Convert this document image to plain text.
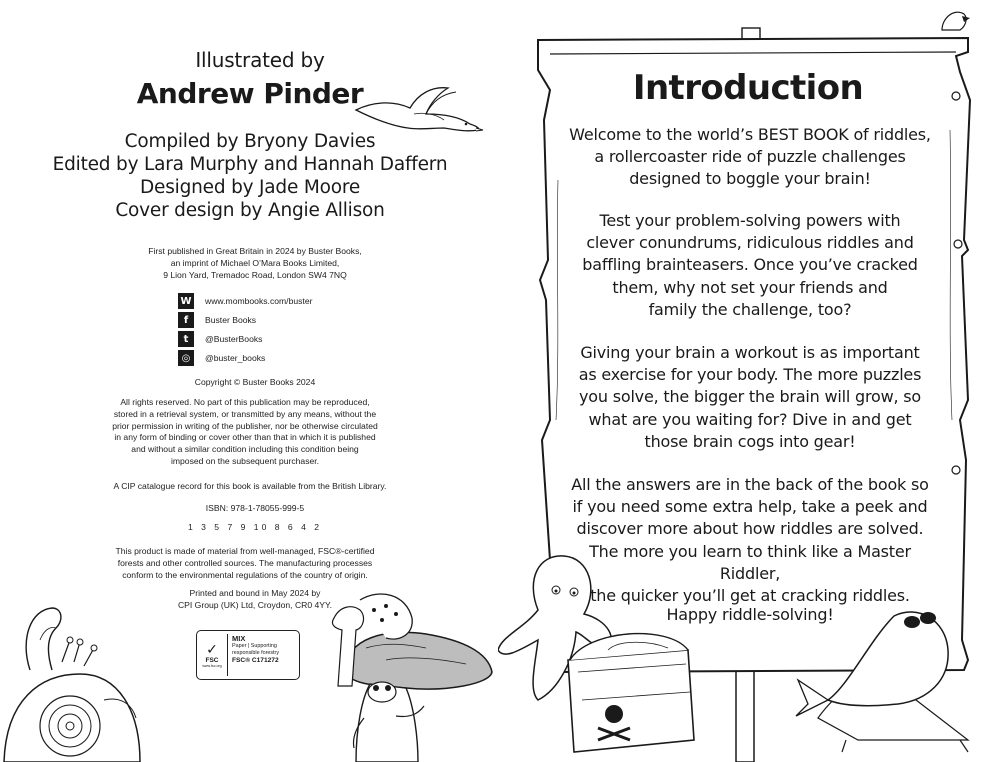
Illustrated by
Andrew Pinder
Compiled by Bryony Davies
Edited by Lara Murphy and Hannah Daffern
Designed by Jade Moore
Cover design by Angie Allison
First published in Great Britain in 2024 by Buster Books,
an imprint of Michael O’Mara Books Limited,
9 Lion Yard, Tremadoc Road, London SW4 7NQ
W www.mombooks.com/buster
f	Buster Books
t	@BusterBooks
◎	@buster_books
Copyright © Buster Books 2024
All rights reserved. No part of this publication may be reproduced,
stored in a retrieval system, or transmitted by any means, without the
prior permission in writing of the publisher, nor be otherwise circulated
in any form of binding or cover other than that in which it is published
and without a similar condition including this condition being
imposed on the subsequent purchaser.
A CIP catalogue record for this book is available from the British Library.
ISBN: 978-1-78055-999-5
1 3 5 7 9 10 8 6 4 2
This product is made of material from well-managed, FSC®-certified
forests and other controlled sources. The manufacturing processes
conform to the environmental regulations of the country of origin.
Printed and bound in May 2024 by
CPI Group (UK) Ltd, Croydon, CR0 4YY.
✓
FSC
www.fsc.org
MIX
Paper | Supporting
responsible forestry
FSC® C171272
Introduction
Welcome to the world’s BEST BOOK of riddles,
a rollercoaster ride of puzzle challenges
designed to boggle your brain!
Test your problem-solving powers with
clever conundrums, ridiculous riddles and
baffling brainteasers. Once you’ve cracked
them, why not set your friends and
family the challenge, too?
Giving your brain a workout is as important
as exercise for your body. The more puzzles
you solve, the bigger the brain will grow, so
what are you waiting for? Dive in and get
those brain cogs into gear!
All the answers are in the back of the book so
if you need some extra help, take a peek and
discover more about how riddles are solved.
The more you learn to think like a Master Riddler,
the quicker you’ll get at cracking riddles.
Happy riddle-solving!
